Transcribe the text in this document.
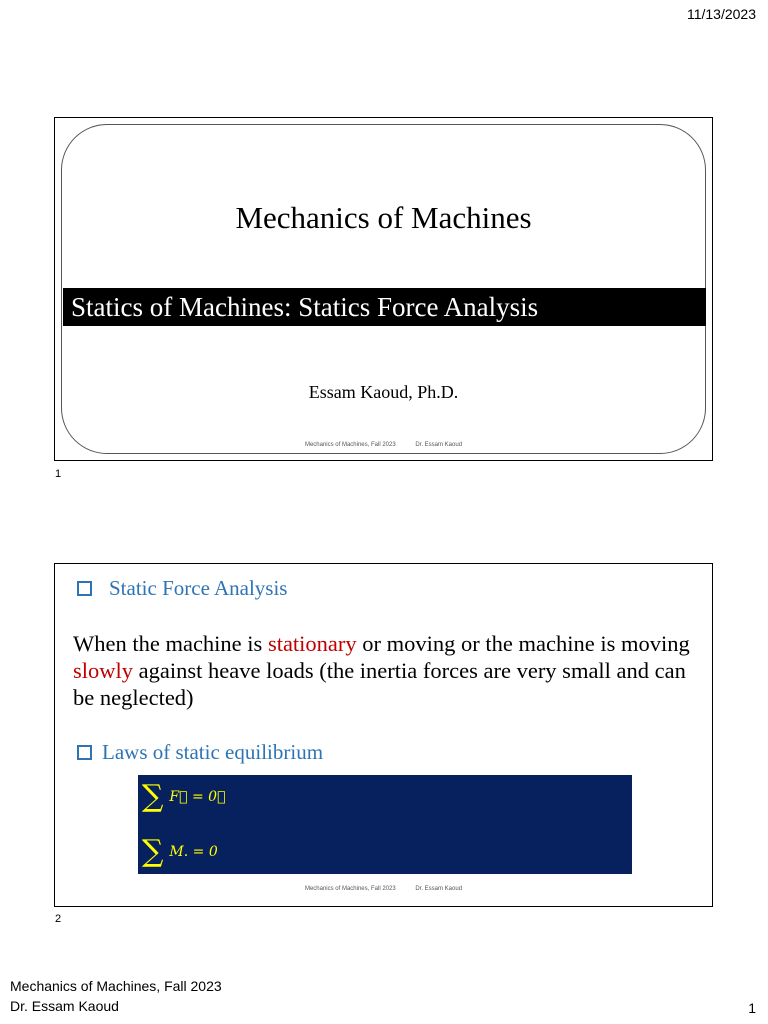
11/13/2023
Mechanics of Machines
Statics of Machines: Statics Force Analysis
Essam Kaoud, Ph.D.
Mechanics of Machines, Fall 2023	Dr. Essam Kaoud
1
Static Force Analysis
When the machine is stationary or moving or the machine is moving slowly against heave loads (the inertia forces are very small and can be neglected)
Laws of static equilibrium
∑ F⃗ = 0⃗
∑ M. = 0
Mechanics of Machines, Fall 2023	Dr. Essam Kaoud
2
Mechanics of Machines, Fall 2023
Dr. Essam Kaoud	1
